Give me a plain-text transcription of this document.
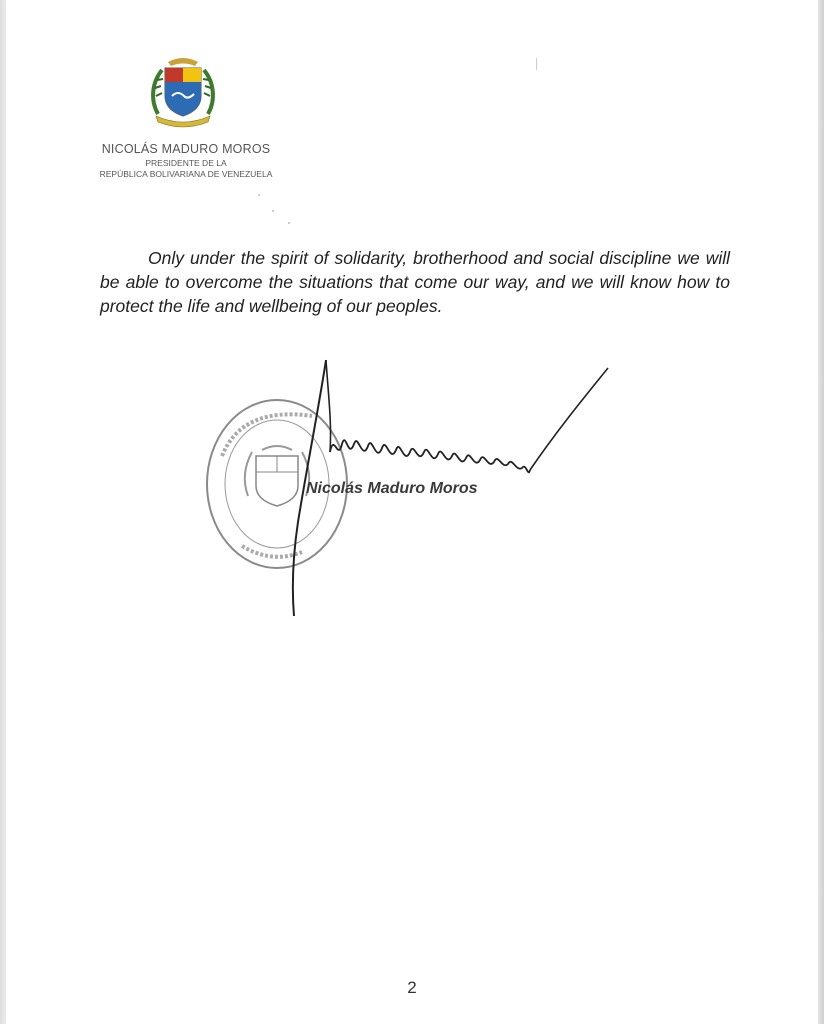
NICOLÁS MADURO MOROS
PRESIDENTE DE LA
REPÚBLICA BOLIVARIANA DE VENEZUELA

Only under the spirit of solidarity, brotherhood and social discipline we will be able to overcome the situations that come our way, and we will know how to protect the life and wellbeing of our peoples.

Nicolás Maduro Moros
2
